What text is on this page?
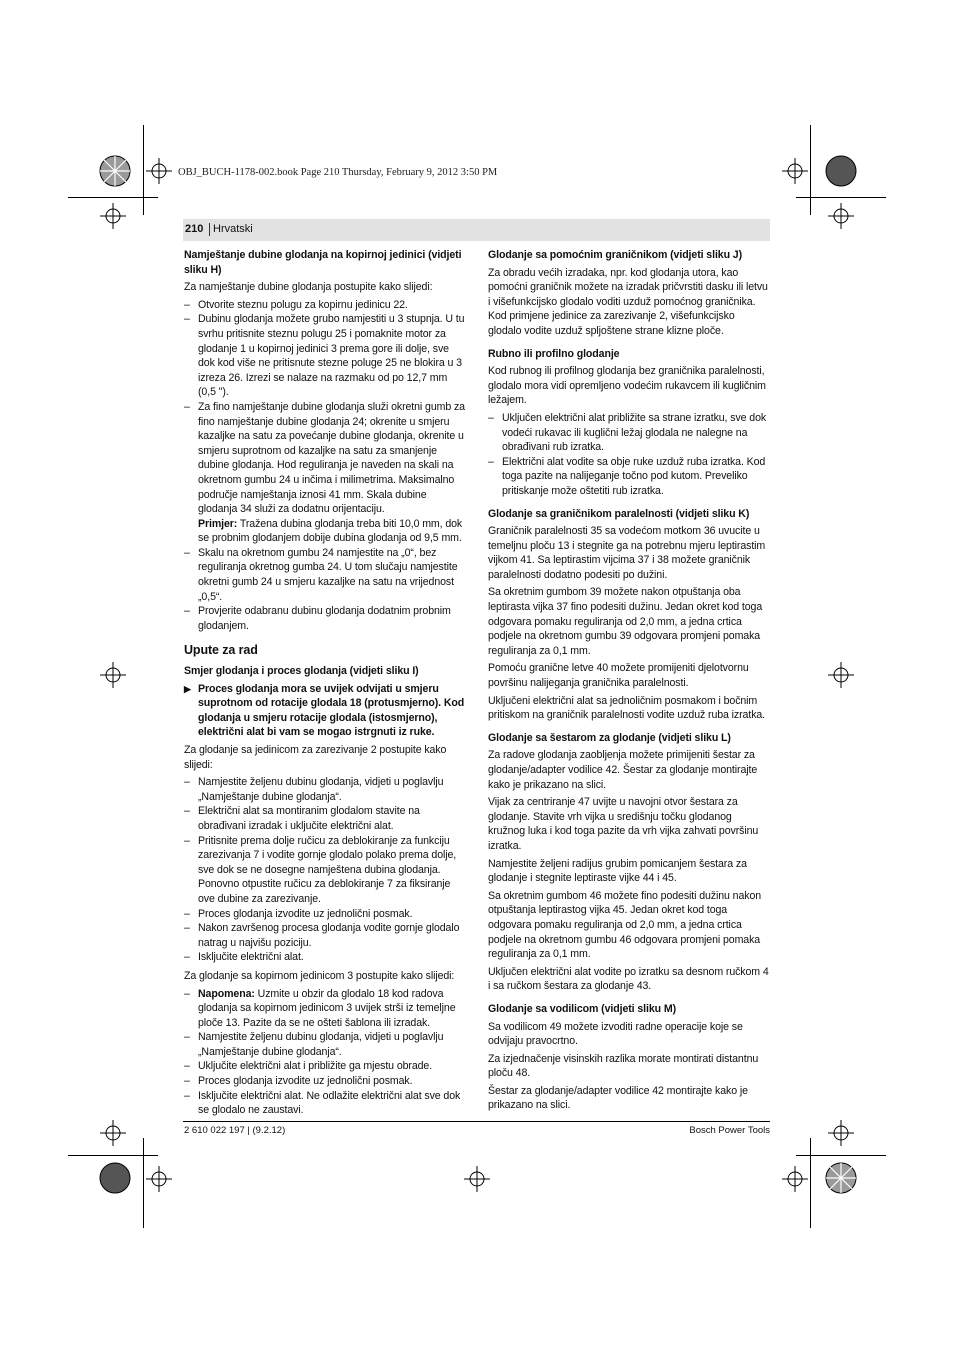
OBJ_BUCH-1178-002.book Page 210 Thursday, February 9, 2012 3:50 PM
210 Hrvatski
Namještanje dubine glodanja na kopirnoj jedinici (vidjeti sliku H)

Za namještanje dubine glodanja postupite kako slijedi:

– Otvorite steznu polugu za kopirnu jedinicu 22.
– Dubinu glodanja možete grubo namjestiti u 3 stupnja. U tu svrhu pritisnite steznu polugu 25 i pomaknite motor za glodanje 1 u kopirnoj jedinici 3 prema gore ili dolje, sve dok kod više ne pritisnute stezne poluge 25 ne blokira u 3 izreza 26. Izrezi se nalaze na razmaku od po 12,7 mm (0,5 ").
– Za fino namještanje dubine glodanja služi okretni gumb za fino namještanje dubine glodanja 24; okrenite u smjeru kazaljke na satu za povećanje dubine glodanja, okrenite u smjeru suprotnom od kazaljke na satu za smanjenje dubine glodanja. Hod reguliranja je naveden na skali na okretnom gumbu 24 u inčima i milimetrima. Maksimalno područje namještanja iznosi 41 mm. Skala dubine glodanja 34 služi za dodatnu orijentaciju.
Primjer: Tražena dubina glodanja treba biti 10,0 mm, dok se probnim glodanjem dobije dubina glodanja od 9,5 mm.
– Skalu na okretnom gumbu 24 namjestite na „0“, bez reguliranja okretnog gumba 24. U tom slučaju namjestite okretni gumb 24 u smjeru kazaljke na satu na vrijednost „0,5“.
– Provjerite odabranu dubinu glodanja dodatnim probnim glodanjem.
Upute za rad
Smjer glodanja i proces glodanja (vidjeti sliku I)
▶ Proces glodanja mora se uvijek odvijati u smjeru suprotnom od rotacije glodala 18 (protusmjerno). Kod glodanja u smjeru rotacije glodala (istosmjerno), električni alat bi vam se mogao istrgnuti iz ruke.

Za glodanje sa jedinicom za zarezivanje 2 postupite kako slijedi:

– Namjestite željenu dubinu glodanja, vidjeti u poglavlju „Namještanje dubine glodanja“.
– Električni alat sa montiranim glodalom stavite na obrađivani izradak i uključite električni alat.
– Pritisnite prema dolje ručicu za deblokiranje za funkciju zarezivanja 7 i vodite gornje glodalo polako prema dolje, sve dok se ne dosegne namještena dubina glodanja. Ponovno otpustite ručicu za deblokiranje 7 za fiksiranje ove dubine za zarezivanje.
– Proces glodanja izvodite uz jednolični posmak.
– Nakon završenog procesa glodanja vodite gornje glodalo natrag u najvišu poziciju.
– Isključite električni alat.

Za glodanje sa kopirnom jedinicom 3 postupite kako slijedi:

– Napomena: Uzmite u obzir da glodalo 18 kod radova glodanja sa kopirnom jedinicom 3 uvijek strši iz temeljne ploče 13. Pazite da se ne ošteti šablona ili izradak.
– Namjestite željenu dubinu glodanja, vidjeti u poglavlju „Namještanje dubine glodanja“.
– Uključite električni alat i približite ga mjestu obrade.
– Proces glodanja izvodite uz jednolični posmak.
– Isključite električni alat. Ne odlažite električni alat sve dok se glodalo ne zaustavi.
Glodanje sa pomoćnim graničnikom (vidjeti sliku J)

Za obradu većih izradaka, npr. kod glodanja utora, kao pomoćni graničnik možete na izradak pričvrstiti dasku ili letvu i višefunkcijsko glodalo voditi uzduž pomoćnog graničnika. Kod primjene jedinice za zarezivanje 2, višefunkcijsko glodalo vodite uzduž spljoštene strane klizne ploče.

Rubno ili profilno glodanje

Kod rubnog ili profilnog glodanja bez graničnika paralelnosti, glodalo mora vidi opremljeno vodećim rukavcem ili kugličnim ležajem.

– Uključen električni alat približite sa strane izratku, sve dok vodeći rukavac ili kuglični ležaj glodala ne nalegne na obrađivani rub izratka.
– Električni alat vodite sa obje ruke uzduž ruba izratka. Kod toga pazite na nalijeganje točno pod kutom. Preveliko pritiskanje može oštetiti rub izratka.
Glodanje sa graničnikom paralelnosti (vidjeti sliku K)

Graničnik paralelnosti 35 sa vodećom motkom 36 uvucite u temeljnu ploču 13 i stegnite ga na potrebnu mjeru leptirastim vijkom 41. Sa leptirastim vijcima 37 i 38 možete graničnik paralelnosti dodatno podesiti po dužini.

Sa okretnim gumbom 39 možete nakon otpuštanja oba leptirasta vijka 37 fino podesiti dužinu. Jedan okret kod toga odgovara pomaku reguliranja od 2,0 mm, a jedna crtica podjele na okretnom gumbu 39 odgovara promjeni pomaka reguliranja za 0,1 mm.

Pomoću granične letve 40 možete promijeniti djelotvornu površinu nalijeganja graničnika paralelnosti.

Uključeni električni alat sa jednoličnim posmakom i bočnim pritiskom na graničnik paralelnosti vodite uzduž ruba izratka.

Glodanje sa šestarom za glodanje (vidjeti sliku L)

Za radove glodanja zaobljenja možete primijeniti šestar za glodanje/adapter vodilice 42. Šestar za glodanje montirajte kako je prikazano na slici.

Vijak za centriranje 47 uvijte u navojni otvor šestara za glodanje. Stavite vrh vijka u središnju točku glodanog kružnog luka i kod toga pazite da vrh vijka zahvati površinu izratka.

Namjestite željeni radijus grubim pomicanjem šestara za glodanje i stegnite leptiraste vijke 44 i 45.

Sa okretnim gumbom 46 možete fino podesiti dužinu nakon otpuštanja leptirastog vijka 45. Jedan okret kod toga odgovara pomaku reguliranja od 2,0 mm, a jedna crtica podjele na okretnom gumbu 46 odgovara promjeni pomaka reguliranja za 0,1 mm.

Uključen električni alat vodite po izratku sa desnom ručkom 4 i sa ručkom šestara za glodanje 43.

Glodanje sa vodilicom (vidjeti sliku M)

Sa vodilicom 49 možete izvoditi radne operacije koje se odvijaju pravocrtno.

Za izjednačenje visinskih razlika morate montirati distantnu ploču 48.

Šestar za glodanje/adapter vodilice 42 montirajte kako je prikazano na slici.

2 610 022 197 | (9.2.12)	Bosch Power Tools
